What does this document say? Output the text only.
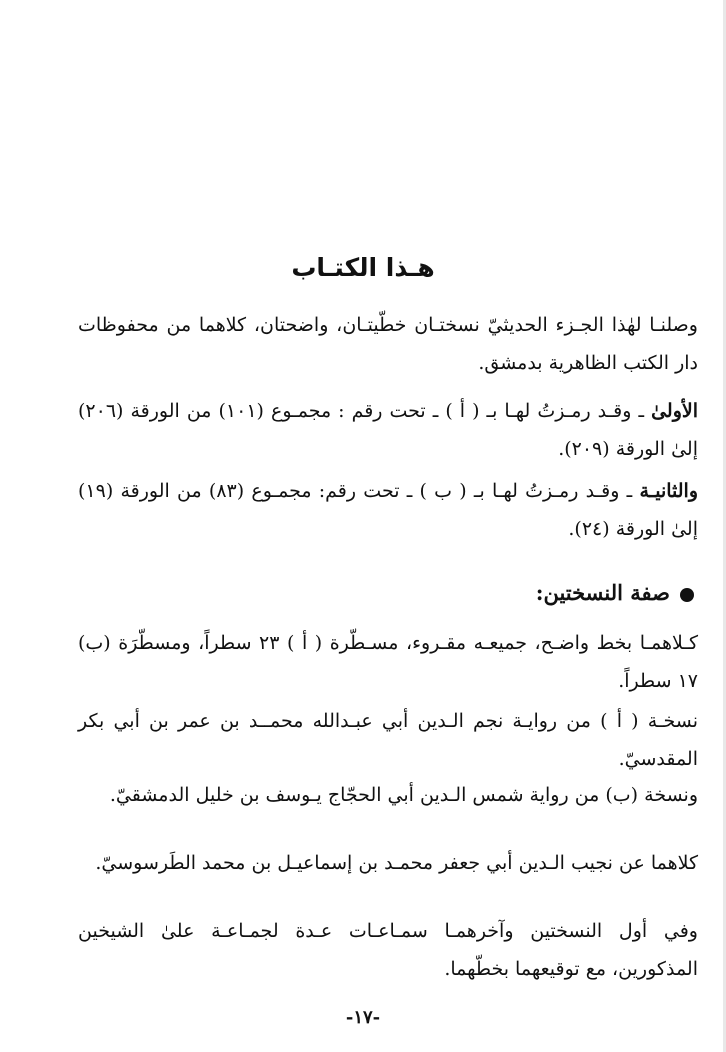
هـذا الكتـاب
وصلنـا لهٰذا الجـزء الحديثيّ نسختـان خطّيتـان، واضحتان، كلاهما من محفوظات دار الكتب الظاهرية بدمشق.
الأولىٰ ـ وقـد رمـزتُ لهـا بـ ( أ ) ـ تحت رقم : مجمـوع (١٠١) من الورقة (٢٠٦) إلىٰ الورقة (٢٠٩).
والثانيـة ـ وقـد رمـزتُ لهـا بـ ( ب ) ـ تحت رقم: مجمـوع (٨٣) من الورقة (١٩) إلىٰ الورقة (٢٤).
صفة النسختين:
كـلاهمـا بخط واضـح، جميعـه مقـروء، مسـطّرة ( أ ) ٢٣ سطراً، ومسطّرَة (ب) ١٧ سطراً.
نسخـة ( أ ) من روايـة نجم الـدين أبي عبـدالله محمــد بن عمر بن أبي بكر المقدسيّ.
ونسخة (ب) من رواية شمس الـدين أبي الحجّاج يـوسف بن خليل الدمشقيّ.
كلاهما عن نجيب الـدين أبي جعفر محمـد بن إسماعيـل بن محمد الطَرسوسيّ.
وفي أول النسختين وآخرهمـا سمـاعـات عـدة لجمـاعـة علىٰ الشيخين المذكورين، مع توقيعهما بخطّهما.
-١٧-
